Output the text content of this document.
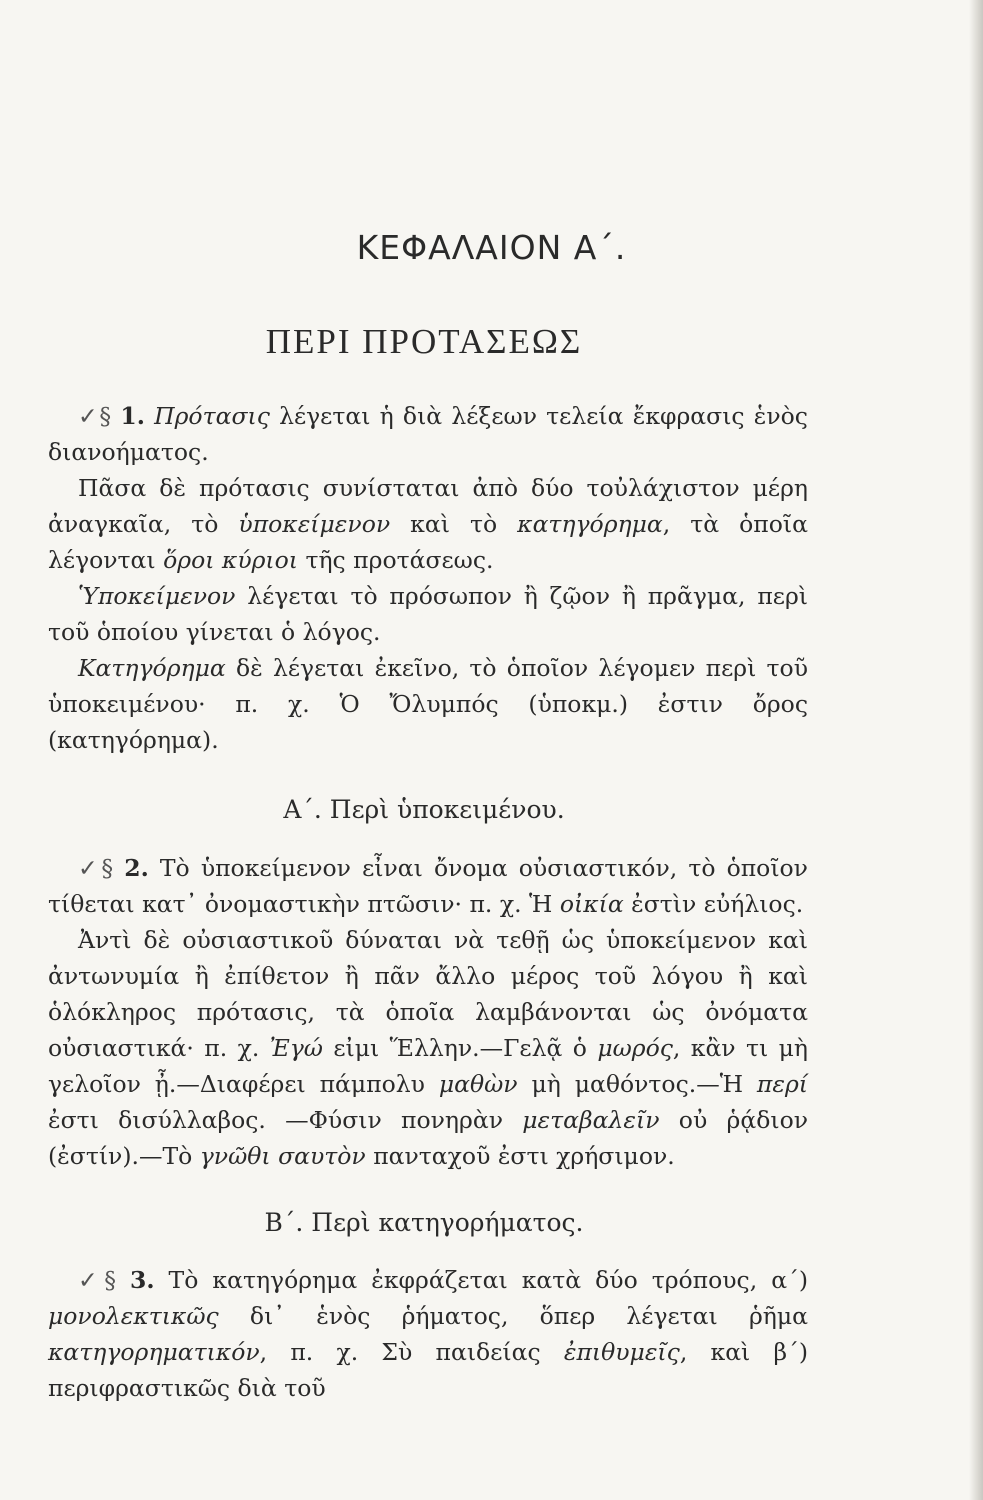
ΚΕΦΑΛΑΙΟΝ Α΄.
ΠΕΡΙ ΠΡΟΤΑΣΕΩΣ

✓§ 1. Πρότασις λέγεται ἡ διὰ λέξεων τελεία ἔκφρασις ἑνὸς διανοήματος.

Πᾶσα δὲ πρότασις συνίσταται ἀπὸ δύο τοὐλάχιστον μέρη ἀναγκαῖα, τὸ ὑποκείμενον καὶ τὸ κατηγόρημα, τὰ ὁποῖα λέγονται ὅροι κύριοι τῆς προτάσεως.

Ὑποκείμενον λέγεται τὸ πρόσωπον ἢ ζῷον ἢ πρᾶγμα, περὶ τοῦ ὁποίου γίνεται ὁ λόγος.

Κατηγόρημα δὲ λέγεται ἐκεῖνο, τὸ ὁποῖον λέγομεν περὶ τοῦ ὑποκειμένου· π. χ. Ὁ Ὄλυμπός (ὑποκμ.) ἐστιν ὄρος (κατηγόρημα).

Α΄. Περὶ ὑποκειμένου.

✓§ 2. Τὸ ὑποκείμενον εἶναι ὄνομα οὐσιαστικόν, τὸ ὁποῖον τίθεται κατ᾽ ὀνομαστικὴν πτῶσιν· π. χ. Ἡ οἰκία ἐστὶν εὐήλιος.

Ἀντὶ δὲ οὐσιαστικοῦ δύναται νὰ τεθῇ ὡς ὑποκείμενον καὶ ἀντωνυμία ἢ ἐπίθετον ἢ πᾶν ἄλλο μέρος τοῦ λόγου ἢ καὶ ὁλόκληρος πρότασις, τὰ ὁποῖα λαμβάνονται ὡς ὀνόματα οὐσιαστικά· π. χ. Ἐγώ εἰμι Ἕλλην.—Γελᾷ ὁ μωρός, κἂν τι μὴ γελοῖον ᾖ.—Διαφέρει πάμπολυ μαθὼν μὴ μαθόντος.—Ἡ περί ἐστι δισύλλαβος. —Φύσιν πονηρὰν μεταβαλεῖν οὐ ῥᾴδιον (ἐστίν).—Τὸ γνῶθι σαυτὸν πανταχοῦ ἐστι χρήσιμον.

Β΄. Περὶ κατηγορήματος.

✓§ 3. Τὸ κατηγόρημα ἐκφράζεται κατὰ δύο τρόπους, α΄) μονολεκτικῶς δι᾽ ἑνὸς ῥήματος, ὅπερ λέγεται ῥῆμα κατηγορηματικόν, π. χ. Σὺ παιδείας ἐπιθυμεῖς, καὶ β΄) περιφραστικῶς διὰ τοῦ
